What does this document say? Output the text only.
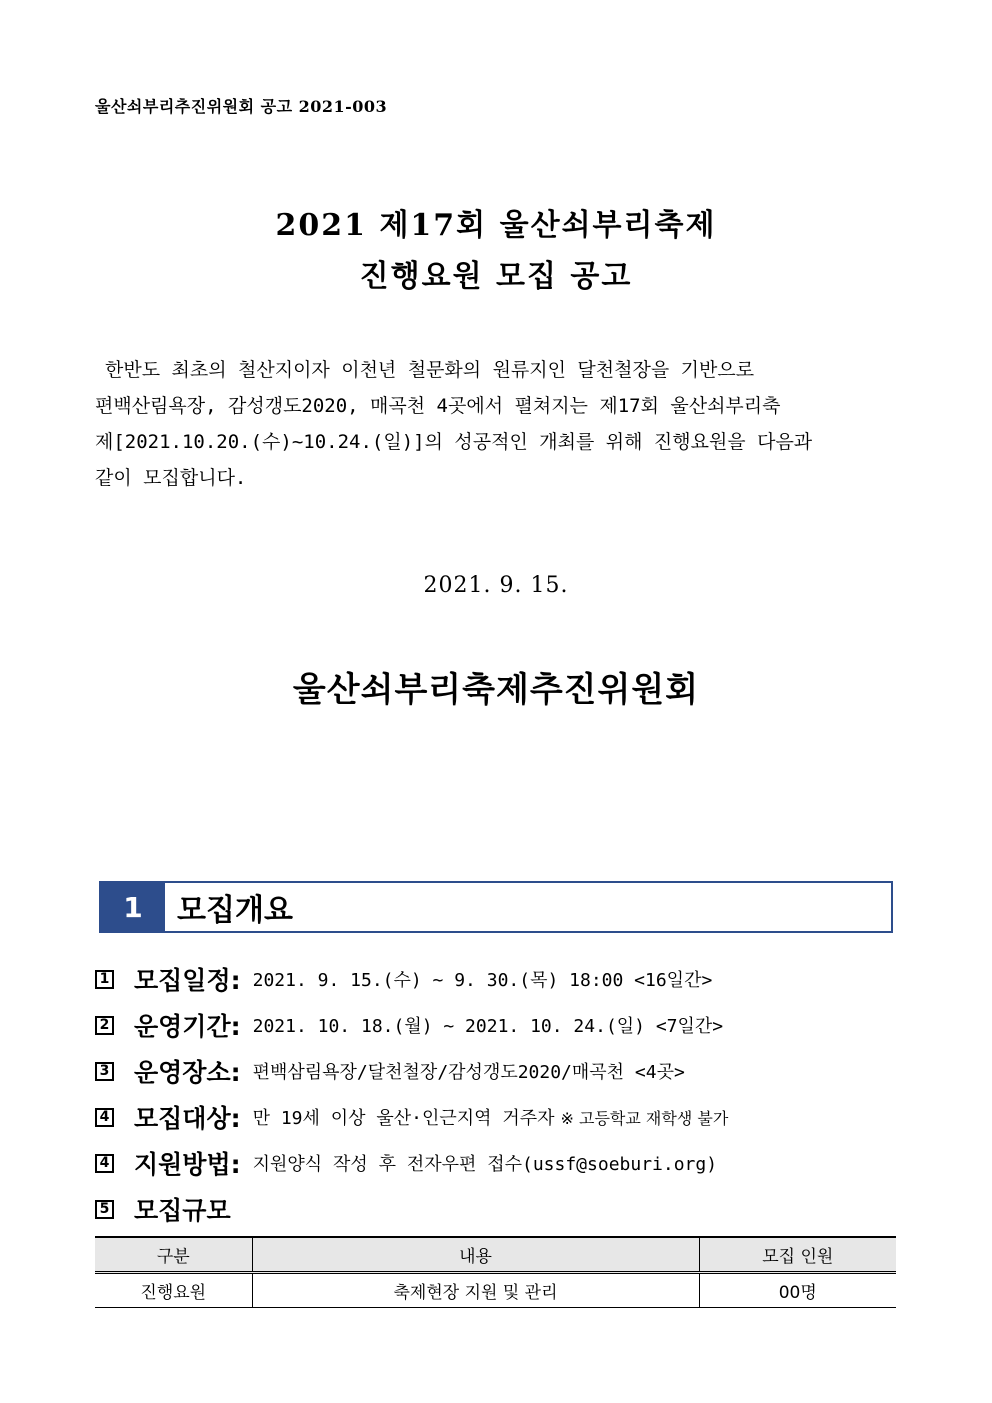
울산쇠부리추진위원회 공고 2021-003
2021 제17회 울산쇠부리축제
진행요원 모집 공고

한반도 최초의 철산지이자 이천년 철문화의 원류지인 달천철장을 기반으로

편백산림욕장, 감성갱도2020, 매곡천 4곳에서 펼쳐지는 제17회 울산쇠부리축

제[2021.10.20.(수)~10.24.(일)]의 성공적인 개최를 위해 진행요원을 다음과

같이 모집합니다.

2021. 9. 15.
울산쇠부리축제추진위원회
1	모집개요
1 모집일정: 2021. 9. 15.(수) ~ 9. 30.(목) 18:00 <16일간>
2 운영기간: 2021. 10. 18.(월) ~ 2021. 10. 24.(일) <7일간>
3 운영장소: 편백삼림욕장/달천철장/감성갱도2020/매곡천 <4곳>
4 모집대상: 만 19세 이상 울산·인근지역 거주자 ※ 고등학교 재학생 불가
4 지원방법: 지원양식 작성 후 전자우편 접수(ussf@soeburi.org)
5 모집규모
구분	내용	모집 인원
진행요원	축제현장 지원 및 관리	00명
